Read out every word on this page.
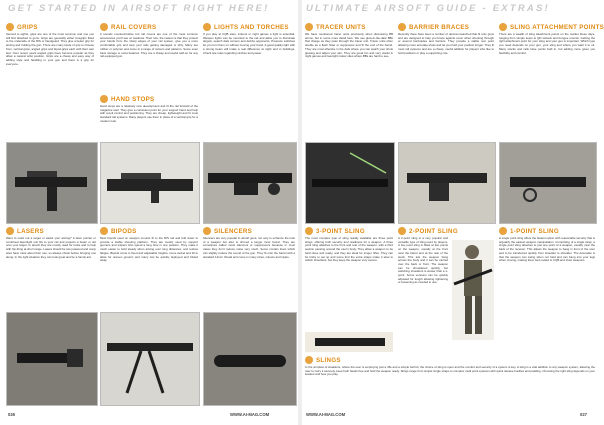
GET STARTED IN AIRSOFT RIGHT HERE!	ULTIMATE AIRSOFT GUIDE - EXTRAS!
GRIPS
Second to sights, grips are one of the most common and one you will find attached to guns. Grips are generally either foregrips fitted to the underside of the RIS or handguard. They give a better grip for aiming and holding the gun. There are many kinds of grip to choose from, vertical grips, angled grips and bipod-grips each with their own feel. Over recent years angled grips have become popular as they allow a natural wrist position. Grips are a cheap and easy way of adding style and handling to your gun and there is a grip for everyone.
RAIL COVERS
It sounds counterintuitive but rail covers are one of the most common accessories you'll see on loadouts. Their role, the reason is that they protect your hands from the sharp edges of your rail system, give you a more comfortable grip and stop your rails getting damaged or dirty. Many are rubber or polymer and come in a range of colours and patterns. Some even have storage or extra features. They are a cheap and useful add-on for any rail equipped gun.
HAND STOPS
Hand stops are a relatively new development and fit the rail forward of the magazine well. They give a consistent point for your support hand and help with recoil control and positioning. They are cheap, lightweight and fit most standard rail systems. Many players use them in place of a vertical grip for a modern look.
LIGHTS AND TORCHES
If you play at CQB sites, indoors or night games a light is essential. Weapon lights can be mounted to the rail and allow you to illuminate targets, search dark corners and dazzle opponents. Pressure switches let you turn them on without moving your hand. A good quality light with a strong beam will make a real difference at night and in buildings. Check site rules regarding strobes and power.
TRACER UNITS
We have mentioned tracer units previously when discussing BB ammo, but in some more detail here. We use glow-in-the-dark BBs that charge as they pass through the tracer unit. Tracer units often double as a flash hider or suppressor and fit the end of the barrel. They are most effective in the dark where you can watch your shots glowing and adjust your aim. They are great fun and very useful in night games and low-light indoor sites where BBs are hard to see.
BARRIER BRACES
Recently there have been a number of devices launched that fit onto guns and are designed to help you brace against cover when shooting through or around barricades and barriers. They provide a stable rest point allowing more accurate shots and let you hold your position longer. They fit most rail systems and are a cheap, useful addition for players who like to hold positions or play a supporting role.
SLING ATTACHMENT POINTS
There are a wealth of sling attachment points on the market these days, ranging from simple loops to QD swivels and bungee mounts. Getting the right attachment point for your sling and your gun is important. Which type you need depends on your gun, your sling and where you want it to sit. Many stocks and rails have points built in, but adding more gives you flexibility and comfort.
LASERS
Want to mark out a target or assist your aiming? A laser pointer or combined laser/light unit fits to your rail and projects a beam or dot onto your target. In airsoft they are mostly used for looks and to help with hip-firing at short range. Lasers should be low powered and many sites have rules about their use, so always check before bringing one along. In the right situation they can look great and be a handy aid.
BIPODS
Most bipods used on weapon mounts fit to the RIS rail and fold down to provide a stable shooting platform. They are mostly used by support gunners and snipers who spend a long time in one position. They make it much easier to hold steady when aiming over long distances, and reduce fatigue. Bipods come in fixed and adjustable heights, some swivel and tilt to allow for uneven ground, and many can be quickly deployed and folded away.
SILENCERS
Silencers are very popular in airsoft guns, not only to enhance the look of a weapon but also to shroud a longer inner barrel. They are sometimes called mock silencers or suppressors because in most cases they don't reduce noise very much. Some contain foam which can slightly reduce the sound of the gun. They fit onto the barrel with a standard 14mm thread and come in many sizes, colours and styles.
3-POINT SLING
The most complex type of sling readily available are three point slings, offering both security and readiness for a weapon. A three point sling attaches to the front and rear of the weapon, with a third section passing around the user's body. They allow a weapon to be held close and ready, and they are ideal for longer rifles. They can be tricky to set up and some find the extra straps make it slow to switch shoulders, but they keep the weapon very secure.
2-POINT SLING
A 2-point sling is a very popular and versatile type of sling used by players. A two point sling is fitted at two points on the weapon, usually at the front near the barrel and at the rear of the stock. This lets the weapon hang across the body and it can be carried over the back or front. The weapon can be shouldered quickly, but switching shoulders is slower than a 1-point. Some versions can be quickly adjusted for length allowing tightening or loosening as needed in use.
1-POINT SLING
A single point sling offers the fastest option with reasonable security that is arguably the easiest weapon manipulation. Comprising of a single strap, a single point sling attaches to just one point of a weapon, usually near the back of the receiver. This allows the weapon to hang in front of the user and to be transferred quickly from shoulder to shoulder. The downside is that the weapon can swing when not held and can bang into your legs when moving, making them best suited to CQB and short weapons.
SLINGS
In the simplest of situations, where the user is employing just a rifle and a simple belt kit, the choice of sling is open and the comfort and security of a system is key. A sling is a vital addition to any weapon system, allowing the user to carry it securely, keep both hands free and hold the weapon ready. Slings range from simple single straps to complex multi point systems with quick release buckles and padding. Choosing the right sling depends on your loadout and how you play.
026	WWW.AI-MAG.COM	WWW.AI-MAG.COM	027
